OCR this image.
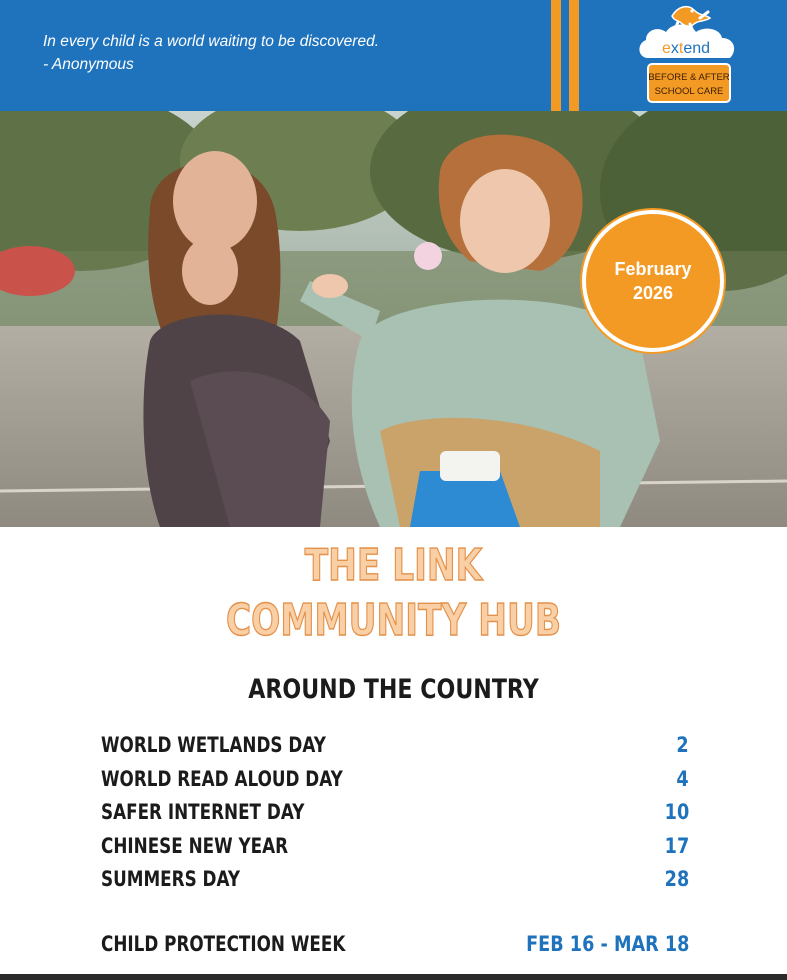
In every child is a world waiting to be discovered.
- Anonymous
extend
BEFORE & AFTER
SCHOOL CARE
February
2026
THE LINK
COMMUNITY HUB
AROUND THE COUNTRY
WORLD WETLANDS DAY	2
WORLD READ ALOUD DAY	4
SAFER INTERNET DAY	10
CHINESE NEW YEAR	17
SUMMERS DAY	28
CHILD PROTECTION WEEK	FEB 16 - MAR 18
